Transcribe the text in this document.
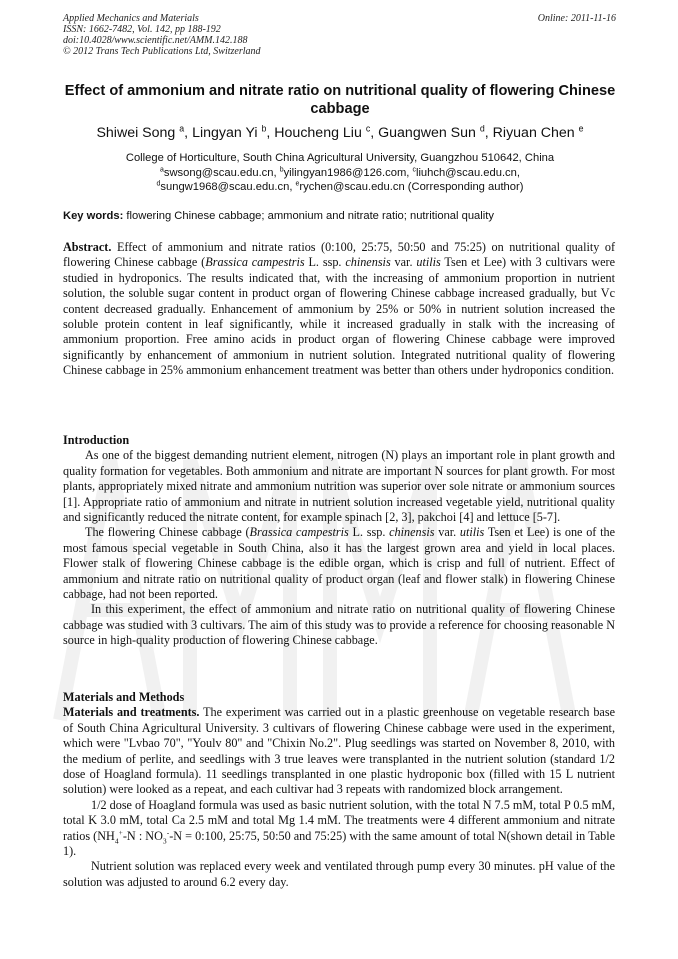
Applied Mechanics and Materials
ISSN: 1662-7482, Vol. 142, pp 188-192
doi:10.4028/www.scientific.net/AMM.142.188
© 2012 Trans Tech Publications Ltd, Switzerland
Online: 2011-11-16
Effect of ammonium and nitrate ratio on nutritional quality of flowering Chinese cabbage
Shiwei Song $^a$, Lingyan Yi $^b$, Houcheng Liu $^c$, Guangwen Sun $^d$, Riyuan Chen $^e$
College of Horticulture, South China Agricultural University, Guangzhou 510642, China
$^a$swsong@scau.edu.cn, $^b$yilingyan1986@126.com, $^c$liuhch@scau.edu.cn,
$^d$sungw1968@scau.edu.cn, $^e$rychen@scau.edu.cn (Corresponding author)
Key words: flowering Chinese cabbage; ammonium and nitrate ratio; nutritional quality

Abstract. Effect of ammonium and nitrate ratios (0:100, 25:75, 50:50 and 75:25) on nutritional quality of flowering Chinese cabbage (Brassica campestris L. ssp. chinensis var. utilis Tsen et Lee) with 3 cultivars were studied in hydroponics. The results indicated that, with the increasing of ammonium proportion in nutrient solution, the soluble sugar content in product organ of flowering Chinese cabbage increased gradually, but Vc content decreased gradually. Enhancement of ammonium by 25% or 50% in nutrient solution increased the soluble protein content in leaf significantly, while it increased gradually in stalk with the increasing of ammonium proportion. Free amino acids in product organ of flowering Chinese cabbage were improved significantly by enhancement of ammonium in nutrient solution. Integrated nutritional quality of flowering Chinese cabbage in 25% ammonium enhancement treatment was better than others under hydroponics condition.

Introduction

As one of the biggest demanding nutrient element, nitrogen (N) plays an important role in plant growth and quality formation for vegetables. Both ammonium and nitrate are important N sources for plant growth. For most plants, appropriately mixed nitrate and ammonium nutrition was superior over sole nitrate or ammonium sources [1]. Appropriate ratio of ammonium and nitrate in nutrient solution increased vegetable yield, nutritional quality and significantly reduced the nitrate content, for example spinach [2, 3], pakchoi [4] and lettuce [5-7].

The flowering Chinese cabbage (Brassica campestris L. ssp. chinensis var. utilis Tsen et Lee) is one of the most famous special vegetable in South China, also it has the largest grown area and yield in local places. Flower stalk of flowering Chinese cabbage is the edible organ, which is crisp and full of nutrient. Effect of ammonium and nitrate ratio on nutritional quality of product organ (leaf and flower stalk) in flowering Chinese cabbage, had not been reported.

In this experiment, the effect of ammonium and nitrate ratio on nutritional quality of flowering Chinese cabbage was studied with 3 cultivars. The aim of this study was to provide a reference for choosing reasonable N source in high-quality production of flowering Chinese cabbage.

Materials and Methods

Materials and treatments. The experiment was carried out in a plastic greenhouse on vegetable research base of South China Agricultural University. 3 cultivars of flowering Chinese cabbage were used in the experiment, which were "Lvbao 70", "Youlv 80" and "Chixin No.2". Plug seedlings was started on November 8, 2010, with the medium of perlite, and seedlings with 3 true leaves were transplanted in the nutrient solution (standard 1/2 dose of Hoagland formula). 11 seedlings transplanted in one plastic hydroponic box (filled with 15 L nutrient solution) were looked as a repeat, and each cultivar had 3 repeats with randomized block arrangement.

1/2 dose of Hoagland formula was used as basic nutrient solution, with the total N 7.5 mM, total P 0.5 mM, total K 3.0 mM, total Ca 2.5 mM and total Mg 1.4 mM. The treatments were 4 different ammonium and nitrate ratios ($NH_4^+-N$ : $NO_3^--N$ = 0:100, 25:75, 50:50 and 75:25) with the same amount of total N(shown detail in Table 1).

Nutrient solution was replaced every week and ventilated through pump every 30 minutes. pH value of the solution was adjusted to around 6.2 every day.
